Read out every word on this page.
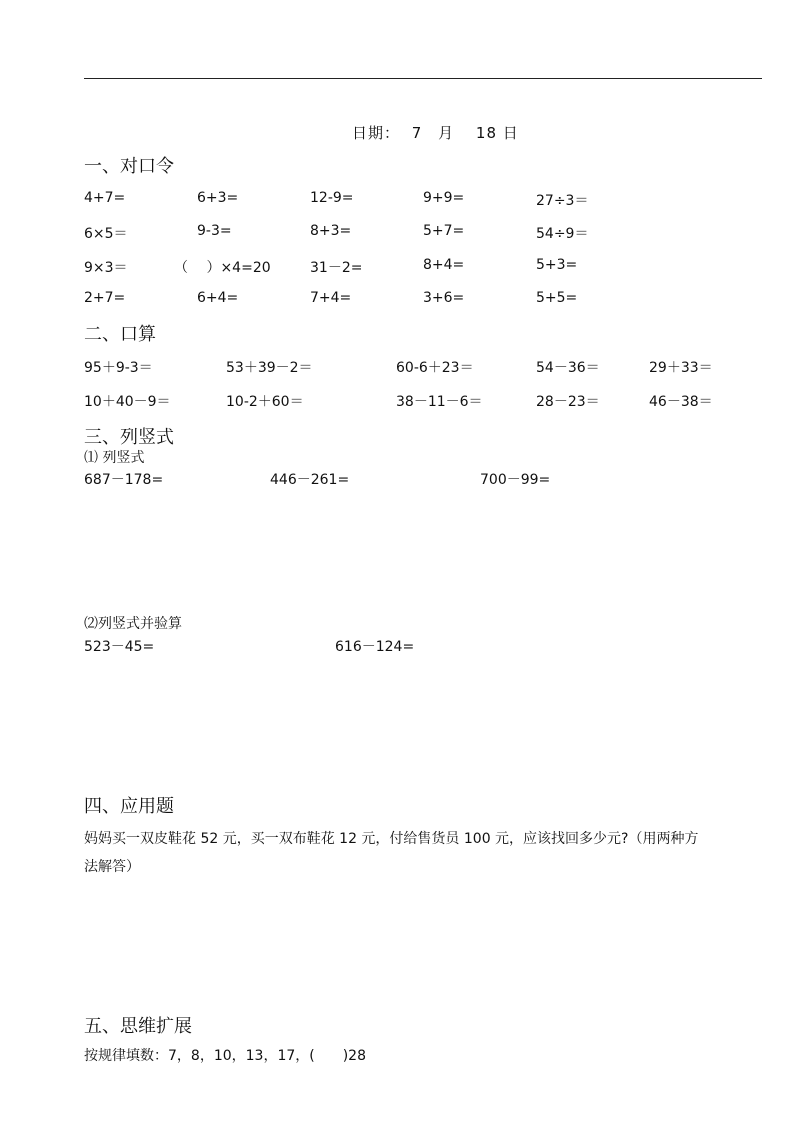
日期： 7 月 18 日
一、对口令
4+7=	6+3=	12-9=	9+9=	27÷3＝
6×5＝	9-3=	8+3=	5+7=	54÷9＝
9×3＝	（　 ）×4=20	31－2=	8+4=	5+3=
2+7=	6+4=	7+4=	3+6=	5+5=
二、口算
95＋9-3＝	53＋39－2＝	60-6＋23＝	54－36＝	29＋33＝
10＋40－9＝	10-2＋60＝	38－11－6＝	28－23＝	46－38＝
三、列竖式
⑴ 列竖式
687－178=	446－261=	700－99=
⑵列竖式并验算
523－45=	616－124=
四、应用题
妈妈买一双皮鞋花 52 元，买一双布鞋花 12 元，付给售货员 100 元，应该找回多少元?（用两种方
法解答）
五、思维扩展
按规律填数：7，8，10，13，17，(　　)28
